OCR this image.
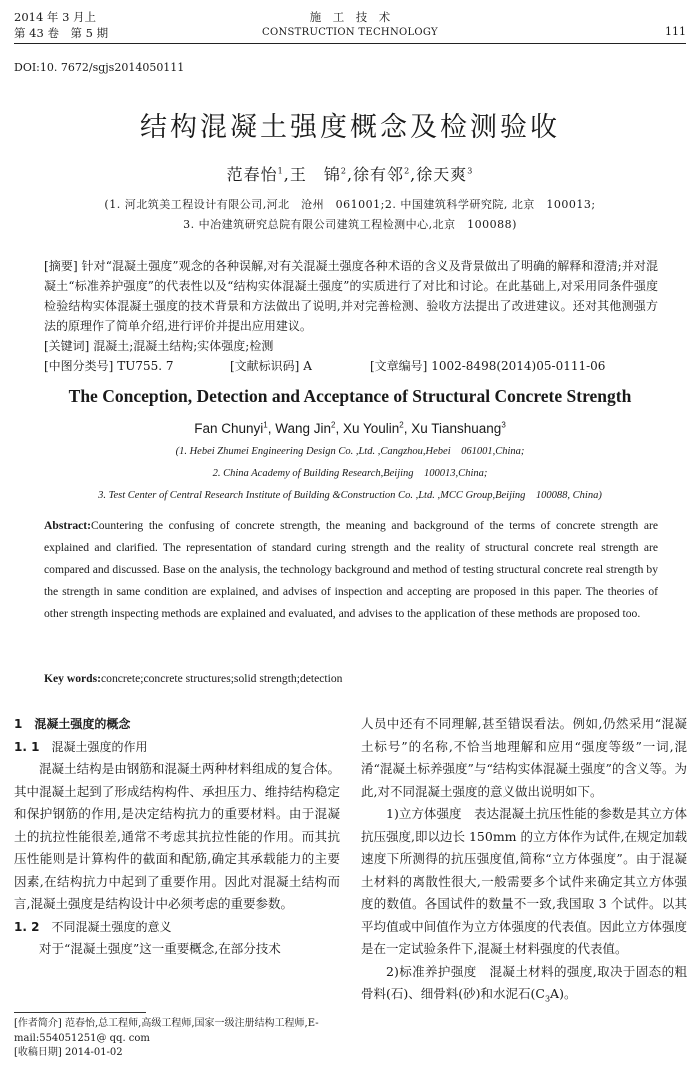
2014 年 3 月上
第 43 卷　第 5 期
施　工　技　术
CONSTRUCTION TECHNOLOGY	111
DOI:10. 7672/sgjs2014050111
结构混凝土强度概念及检测验收
范春怡$^1$,王　锦$^2$,徐有邻$^2$,徐天爽$^3$
(1. 河北筑美工程设计有限公司,河北　沧州　061001;2. 中国建筑科学研究院, 北京　100013;
3. 中冶建筑研究总院有限公司建筑工程检测中心,北京　100088)

[摘要] 针对“混凝土强度”观念的各种误解,对有关混凝土强度各种术语的含义及背景做出了明确的解释和澄清;并对混凝土“标准养护强度”的代表性以及“结构实体混凝土强度”的实质进行了对比和讨论。在此基础上,对采用同条件强度检验结构实体混凝土强度的技术背景和方法做出了说明,并对完善检测、验收方法提出了改进建议。还对其他测强方法的原理作了简单介绍,进行评价并提出应用建议。

[关键词] 混凝土;混凝土结构;实体强度;检测

[中图分类号] TU755. 7	[文献标识码] A	[文章编号] 1002-8498(2014)05-0111-06
The Conception, Detection and Acceptance of Structural Concrete Strength
Fan Chunyi$^1$, Wang Jin$^2$, Xu Youlin$^2$, Xu Tianshuang$^3$
(1. Hebei Zhumei Engineering Design Co. ,Ltd. ,Cangzhou,Hebei　061001,China;
2. China Academy of Building Research,Beijing　100013,China;
3. Test Center of Central Research Institute of Building &Construction Co. ,Ltd. ,MCC Group,Beijing　100088, China)
Abstract:Countering the confusing of concrete strength, the meaning and background of the terms of concrete strength are explained and clarified. The representation of standard curing strength and the reality of structural concrete real strength are compared and discussed. Base on the analysis, the technology background and method of testing structural concrete real strength by the strength in same condition are explained, and advises of inspection and accepting are proposed in this paper. The theories of other strength inspecting methods are explained and evaluated, and advises to the application of these methods are proposed too.
Key words:concrete;concrete structures;solid strength;detection
1　 混凝土强度的概念
1. 1　 混凝土强度的作用

混凝土结构是由钢筋和混凝土两种材料组成的复合体。其中混凝土起到了形成结构构件、承担压力、维持结构稳定和保护钢筋的作用,是决定结构抗力的重要材料。由于混凝土的抗拉性能很差,通常不考虑其抗拉性能的作用。而其抗压性能则是计算构件的截面和配筋,确定其承载能力的主要因素,在结构抗力中起到了重要作用。因此对混凝土结构而言,混凝土强度是结构设计中必须考虑的重要参数。

1. 2　 不同混凝土强度的意义

对于“混凝土强度”这一重要概念,在部分技术

人员中还有不同理解,甚至错误看法。例如,仍然采用“混凝土标号”的名称,不恰当地理解和应用“强度等级”一词,混淆“混凝土标养强度”与“结构实体混凝土强度”的含义等。为此,对不同混凝土强度的意义做出说明如下。

1)立方体强度　 表达混凝土抗压性能的参数是其立方体抗压强度,即以边长 150mm 的立方体作为试件,在规定加载速度下所测得的抗压强度值,简称“立方体强度”。由于混凝土材料的离散性很大,一般需要多个试件来确定其立方体强度的数值。各国试件的数量不一致,我国取 3 个试件。以其平均值或中间值作为立方体强度的代表值。因此立方体强度是在一定试验条件下,混凝土材料强度的代表值。

2)标准养护强度　 混凝土材料的强度,取决于固态的粗骨料(石)、细骨料(砂)和水泥石$(C_3A)$。

[作者简介] 范春怡,总工程师,高级工程师,国家一级注册结构工程师,E-mail:554051251@ qq. com
[收稿日期] 2014-01-02
